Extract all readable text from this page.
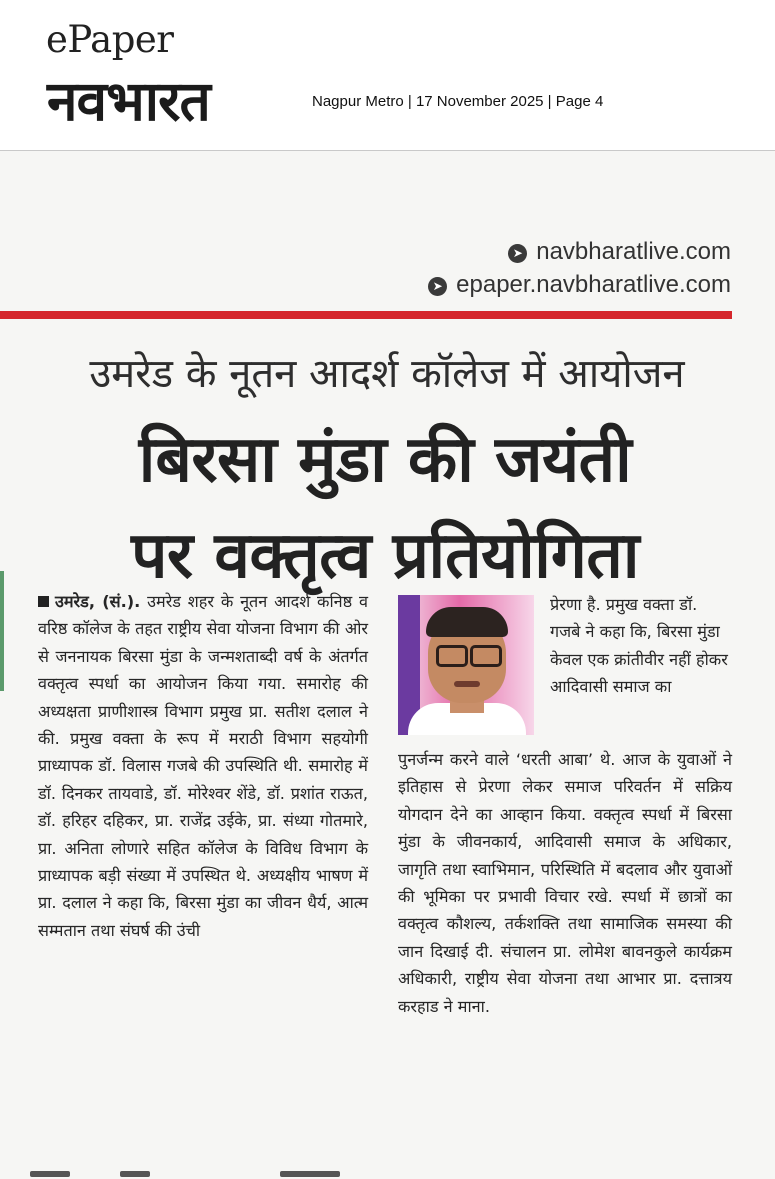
ePaper
नवभारत	Nagpur Metro | 17 November 2025 | Page 4
➤ navbharatlive.com
➤ epaper.navbharatlive.com
उमरेड के नूतन आदर्श कॉलेज में आयोजन
बिरसा मुंडा की जयंती
पर वक्तृत्व प्रतियोगिता
उमरेड, (सं.). उमरेड शहर के नूतन आदर्श कनिष्ठ व वरिष्ठ कॉलेज के तहत राष्ट्रीय सेवा योजना विभाग की ओर से जननायक बिरसा मुंडा के जन्मशताब्दी वर्ष के अंतर्गत वक्तृत्व स्पर्धा का आयोजन किया गया. समारोह की अध्यक्षता प्राणीशास्त्र विभाग प्रमुख प्रा. सतीश दलाल ने की. प्रमुख वक्ता के रूप में मराठी विभाग सहयोगी प्राध्यापक डॉ. विलास गजबे की उपस्थिति थी. समारोह में डॉ. दिनकर तायवाडे, डॉ. मोरेश्वर शेंडे, डॉ. प्रशांत राऊत, डॉ. हरिहर दहिकर, प्रा. राजेंद्र उईके, प्रा. संध्या गोतमारे, प्रा. अनिता लोणारे सहित कॉलेज के विविध विभाग के प्राध्यापक बड़ी संख्या में उपस्थित थे. अध्यक्षीय भाषण में प्रा. दलाल ने कहा कि, बिरसा मुंडा का जीवन धैर्य, आत्म सम्मतान तथा संघर्ष की उंची
प्रेरणा है. प्रमुख वक्ता डॉ. गजबे ने कहा कि, बिरसा मुंडा केवल एक क्रांतीवीर नहीं होकर आदिवासी समाज का
पुनर्जन्म करने वाले ‘धरती आबा’ थे. आज के युवाओं ने इतिहास से प्रेरणा लेकर समाज परिवर्तन में सक्रिय योगदान देने का आव्हान किया. वक्तृत्व स्पर्धा में बिरसा मुंडा के जीवनकार्य, आदिवासी समाज के अधिकार, जागृति तथा स्वाभिमान, परिस्थिति में बदलाव और युवाओं की भूमिका पर प्रभावी विचार रखे. स्पर्धा में छात्रों का वक्तृत्व कौशल्य, तर्कशक्ति तथा सामाजिक समस्या की जान दिखाई दी. संचालन प्रा. लोमेश बावनकुले कार्यक्रम अधिकारी, राष्ट्रीय सेवा योजना तथा आभार प्रा. दत्तात्रय करहाड ने माना.
